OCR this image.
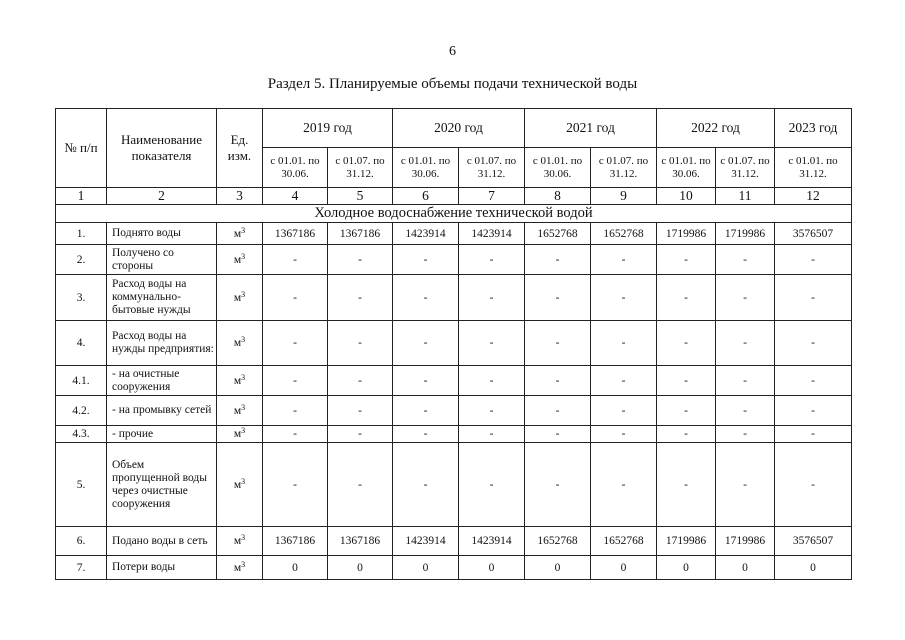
6
Раздел 5. Планируемые объемы подачи технической воды
№ п/п	Наименование показателя	Ед. изм.	2019 год		2020 год		2021 год		2022 год		2023 год
			с 01.01. по 30.06.	с 01.07. по 31.12.	с 01.01. по 30.06.	с 01.07. по 31.12.	с 01.01. по 30.06.	с 01.07. по 31.12.	с 01.01. по 30.06.	с 01.07. по 31.12.	с 01.01. по 31.12.
1	2	3	4	5	6	7	8	9	10	11	12
Холодное водоснабжение технической водой											
1.	Поднято воды	$м^3$	1367186	1367186	1423914	1423914	1652768	1652768	1719986	1719986	3576507
2.	Получено со стороны	$м^3$	-	-	-	-	-	-	-	-	-
3.	Расход воды на коммунально-бытовые нужды	$м^3$	-	-	-	-	-	-	-	-	-
4.	Расход воды на нужды предприятия:	$м^3$	-	-	-	-	-	-	-	-	-
4.1.	- на очистные сооружения	$м^3$	-	-	-	-	-	-	-	-	-
4.2.	- на промывку сетей	$м^3$	-	-	-	-	-	-	-	-	-
4.3.	- прочие	$м^3$	-	-	-	-	-	-	-	-	-
5.	Объем пропущенной воды через очистные сооружения	$м^3$	-	-	-	-	-	-	-	-	-
6.	Подано воды в сеть	$м^3$	1367186	1367186	1423914	1423914	1652768	1652768	1719986	1719986	3576507
7.	Потери воды	$м^3$	0	0	0	0	0	0	0	0	0
